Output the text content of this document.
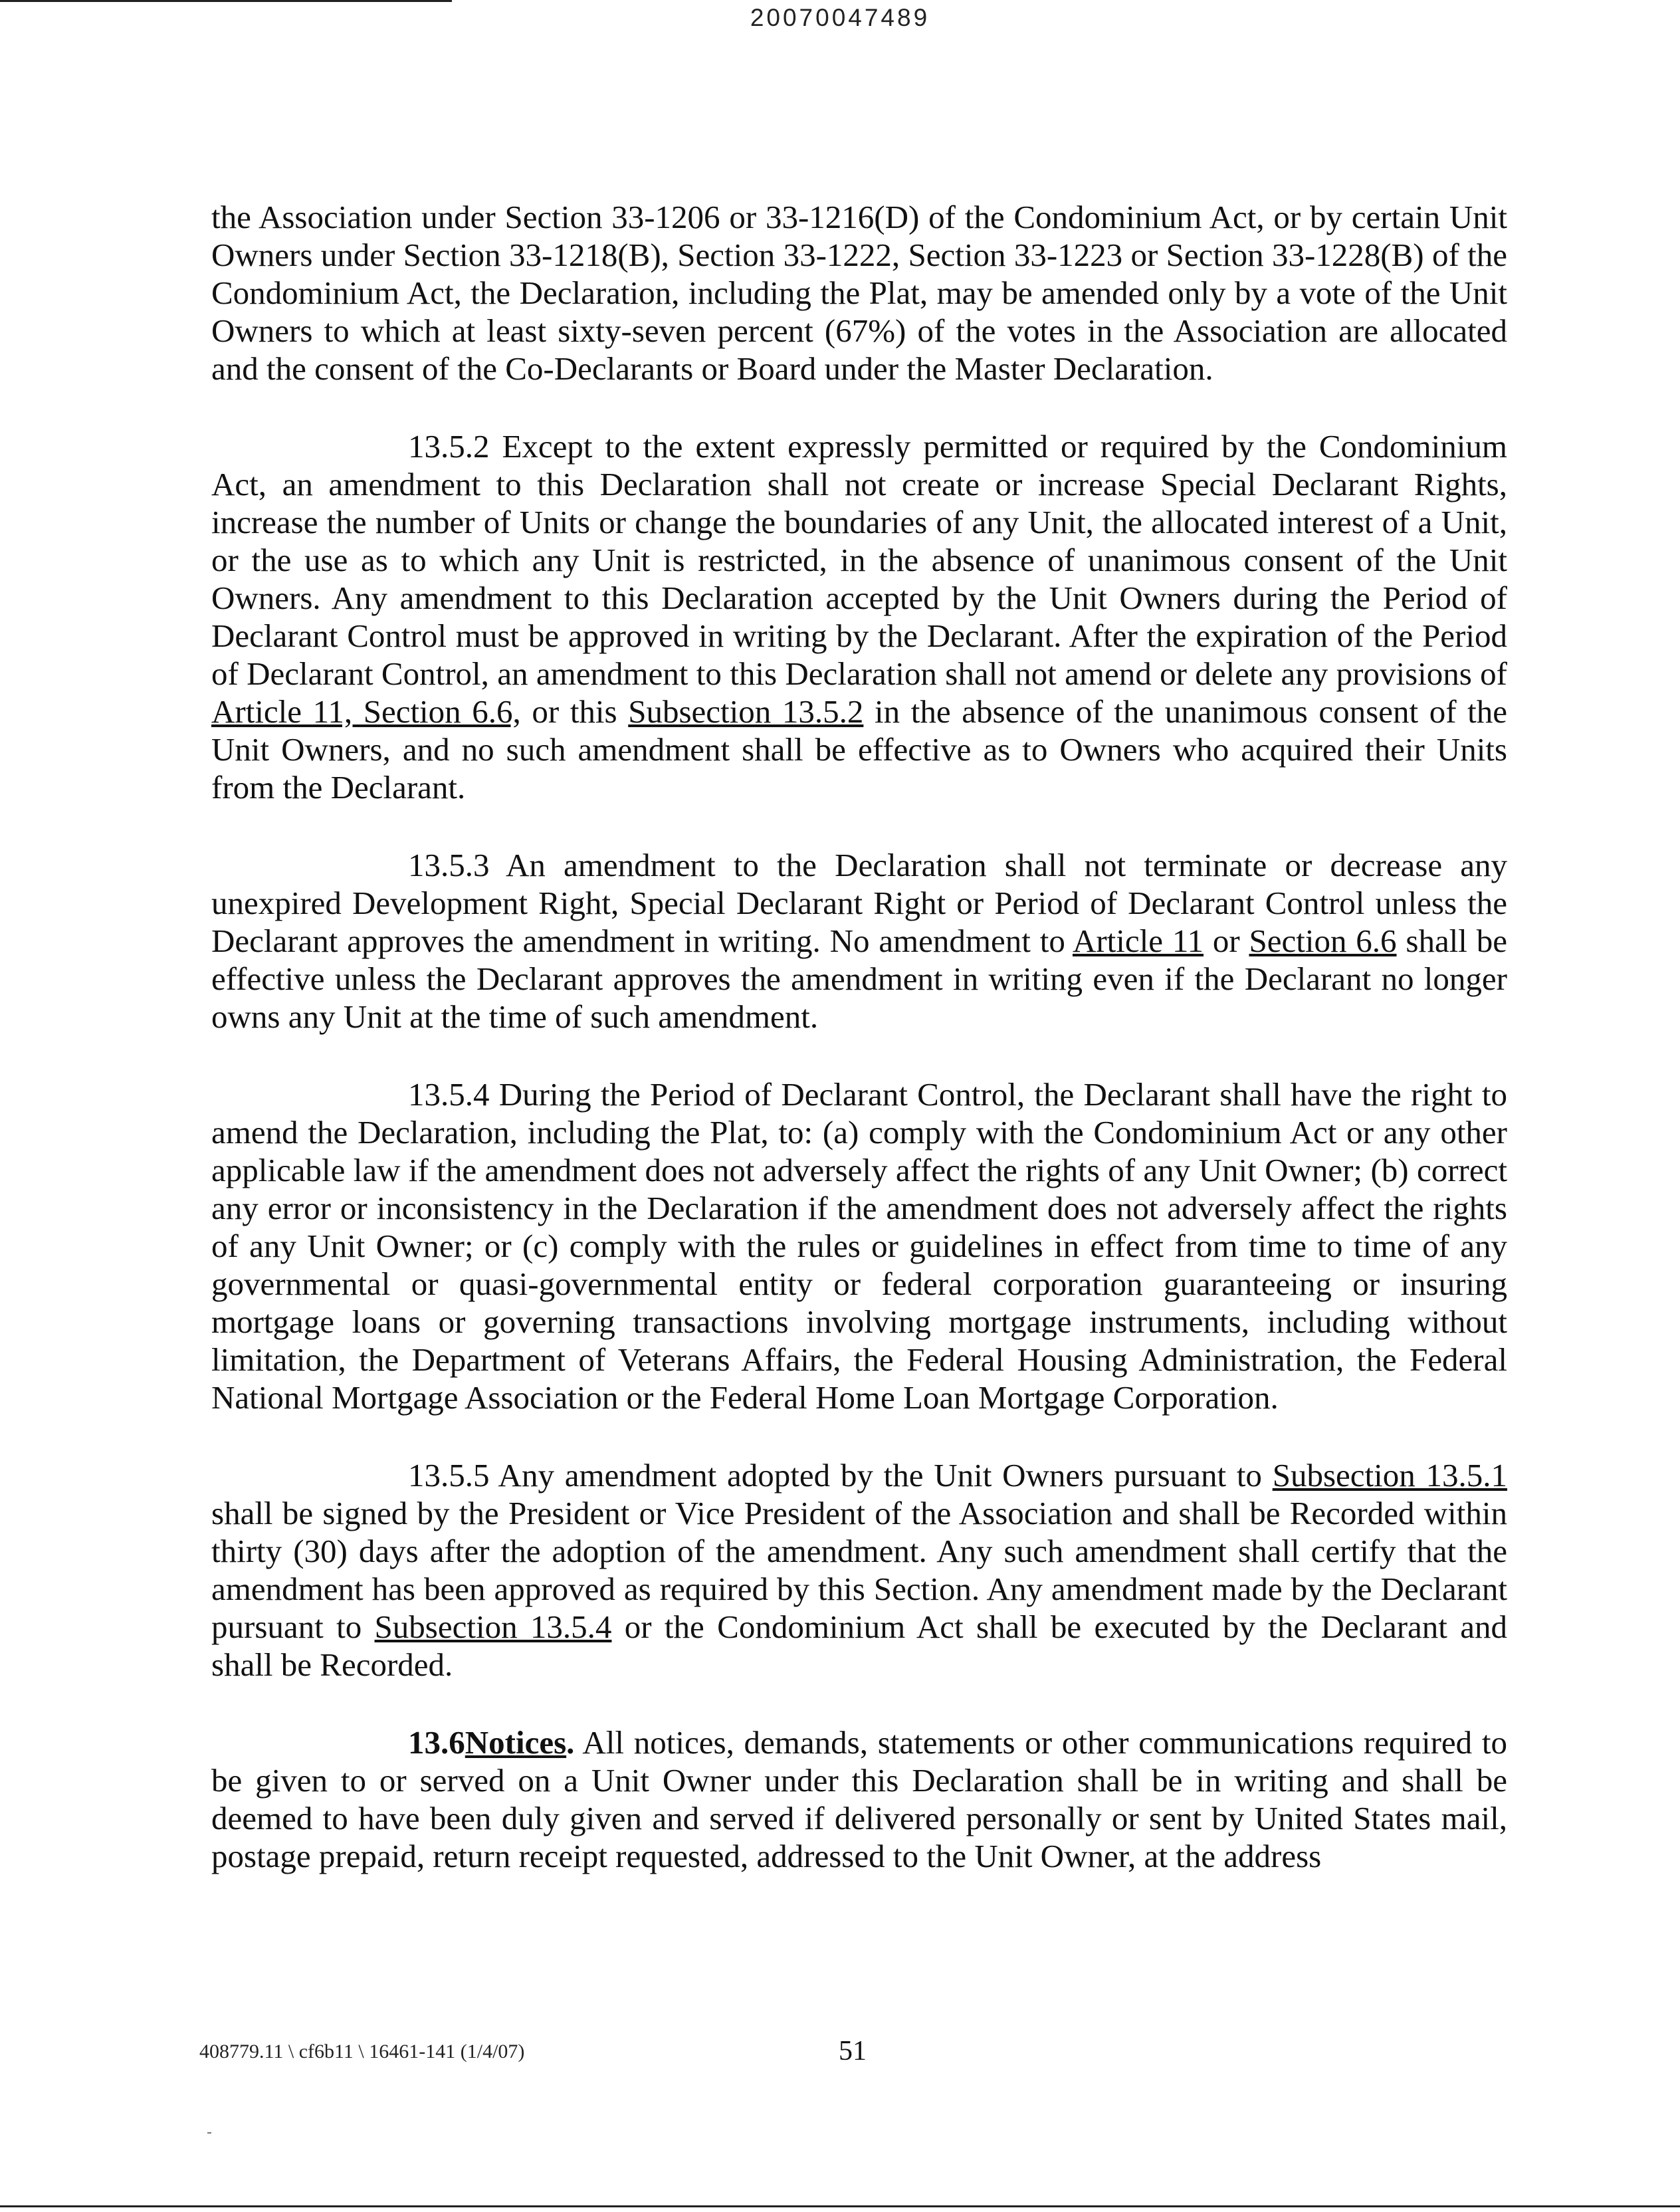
20070047489

the Association under Section 33-1206 or 33-1216(D) of the Condominium Act, or by certain Unit Owners under Section 33-1218(B), Section 33-1222, Section 33-1223 or Section 33-1228(B) of the Condominium Act, the Declaration, including the Plat, may be amended only by a vote of the Unit Owners to which at least sixty-seven percent (67%) of the votes in the Association are allocated and the consent of the Co-Declarants or Board under the Master Declaration.

13.5.2 Except to the extent expressly permitted or required by the Condominium Act, an amendment to this Declaration shall not create or increase Special Declarant Rights, increase the number of Units or change the boundaries of any Unit, the allocated interest of a Unit, or the use as to which any Unit is restricted, in the absence of unanimous consent of the Unit Owners. Any amendment to this Declaration accepted by the Unit Owners during the Period of Declarant Control must be approved in writing by the Declarant. After the expiration of the Period of Declarant Control, an amendment to this Declaration shall not amend or delete any provisions of Article 11, Section 6.6, or this Subsection 13.5.2 in the absence of the unanimous consent of the Unit Owners, and no such amendment shall be effective as to Owners who acquired their Units from the Declarant.

13.5.3 An amendment to the Declaration shall not terminate or decrease any unexpired Development Right, Special Declarant Right or Period of Declarant Control unless the Declarant approves the amendment in writing. No amendment to Article 11 or Section 6.6 shall be effective unless the Declarant approves the amendment in writing even if the Declarant no longer owns any Unit at the time of such amendment.

13.5.4 During the Period of Declarant Control, the Declarant shall have the right to amend the Declaration, including the Plat, to: (a) comply with the Condominium Act or any other applicable law if the amendment does not adversely affect the rights of any Unit Owner; (b) correct any error or inconsistency in the Declaration if the amendment does not adversely affect the rights of any Unit Owner; or (c) comply with the rules or guidelines in effect from time to time of any governmental or quasi-governmental entity or federal corporation guaranteeing or insuring mortgage loans or governing transactions involving mortgage instruments, including without limitation, the Department of Veterans Affairs, the Federal Housing Administration, the Federal National Mortgage Association or the Federal Home Loan Mortgage Corporation.

13.5.5 Any amendment adopted by the Unit Owners pursuant to Subsection 13.5.1 shall be signed by the President or Vice President of the Association and shall be Recorded within thirty (30) days after the adoption of the amendment. Any such amendment shall certify that the amendment has been approved as required by this Section. Any amendment made by the Declarant pursuant to Subsection 13.5.4 or the Condominium Act shall be executed by the Declarant and shall be Recorded.

13.6Notices. All notices, demands, statements or other communications required to be given to or served on a Unit Owner under this Declaration shall be in writing and shall be deemed to have been duly given and served if delivered personally or sent by United States mail, postage prepaid, return receipt requested, addressed to the Unit Owner, at the address

408779.11 \ cf6b11 \ 16461-141 (1/4/07)	51
